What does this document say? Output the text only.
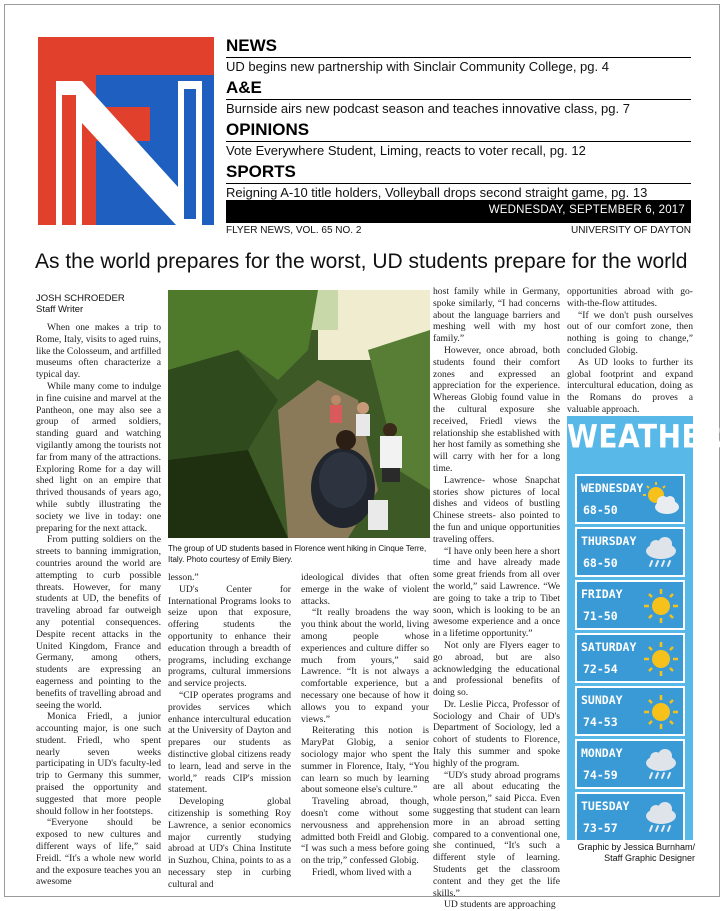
NEWS
UD begins new partnership with Sinclair Community College, pg. 4
A&E
Burnside airs new podcast season and teaches innovative class, pg. 7
OPINIONS
Vote Everywhere Student, Liming, reacts to voter recall, pg. 12
SPORTS
Reigning A-10 title holders, Volleyball drops second straight game, pg. 13
WEDNESDAY, SEPTEMBER 6, 2017
FLYER NEWS, VOL. 65 NO. 2	UNIVERSITY OF DAYTON
As the world prepares for the worst, UD students prepare for the world
JOSH SCHROEDER
Staff Writer

When one makes a trip to Rome, Italy, visits to aged ruins, like the Colosseum, and artfilled museums often characterize a typical day.

While many come to indulge in fine cuisine and marvel at the Pantheon, one may also see a group of armed soldiers, standing guard and watching vigilantly among the tourists not far from many of the attractions. Exploring Rome for a day will shed light on an empire that thrived thousands of years ago, while subtly illustrating the society we live in today: one preparing for the next attack.

From putting soldiers on the streets to banning immigration, countries around the world are attempting to curb possible threats. However, for many students at UD, the benefits of traveling abroad far outweigh any potential consequences. Despite recent attacks in the United Kingdom, France and Germany, among others, students are expressing an eagerness and pointing to the benefits of travelling abroad and seeing the world.

Monica Friedl, a junior accounting major, is one such student. Friedl, who spent nearly seven weeks participating in UD's faculty-led trip to Germany this summer, praised the opportunity and suggested that more people should follow in her footsteps.

“Everyone should be exposed to new cultures and different ways of life,” said Freidl. “It's a whole new world and the exposure teaches you an awesome

The group of UD students based in Florence went hiking in Cinque Terre, Italy. Photo courtesy of Emily Biery.

lesson.”

UD's Center for International Programs looks to seize upon that exposure, offering students the opportunity to enhance their education through a breadth of programs, including exchange programs, cultural immersions and service projects.

“CIP operates programs and provides services which enhance intercultural education at the University of Dayton and prepares our students as distinctive global citizens ready to learn, lead and serve in the world,” reads CIP's mission statement.

Developing global citizenship is something Roy Lawrence, a senior economics major currently studying abroad at UD's China Institute in Suzhou, China, points to as a necessary step in curbing cultural and

ideological divides that often emerge in the wake of violent attacks.

“It really broadens the way you think about the world, living among people whose experiences and culture differ so much from yours,” said Lawrence. “It is not always a comfortable experience, but a necessary one because of how it allows you to expand your views.”

Reiterating this notion is MaryPat Globig, a senior sociology major who spent the summer in Florence, Italy, “You can learn so much by learning about someone else's culture.”

Traveling abroad, though, doesn't come without some nervousness and apprehension admitted both Freidl and Globig. “I was such a mess before going on the trip,” confessed Globig.

Friedl, whom lived with a

host family while in Germany, spoke similarly, “I had concerns about the language barriers and meshing well with my host family.”

However, once abroad, both students found their comfort zones and expressed an appreciation for the experience. Whereas Globig found value in the cultural exposure she received, Friedl views the relationship she established with her host family as something she will carry with her for a long time.

Lawrence- whose Snapchat stories show pictures of local dishes and videos of bustling Chinese streets- also pointed to the fun and unique opportunities traveling offers.

“I have only been here a short time and have already made some great friends from all over the world,” said Lawrence. “We are going to take a trip to Tibet soon, which is looking to be an awesome experience and a once in a lifetime opportunity.”

Not only are Flyers eager to go abroad, but are also acknowledging the educational and professional benefits of doing so.

Dr. Leslie Picca, Professor of Sociology and Chair of UD's Department of Sociology, led a cohort of students to Florence, Italy this summer and spoke highly of the program.

“UD's study abroad programs are all about educating the whole person,” said Picca. Even suggesting that student can learn more in an abroad setting compared to a conventional one, she continued, “It's such a different style of learning. Students get the classroom content and they get the life skills.”

UD students are approaching

opportunities abroad with go-with-the-flow attitudes.

“If we don't push ourselves out of our comfort zone, then nothing is going to change,” concluded Globig.

As UD looks to further its global footprint and expand intercultural education, doing as the Romans do proves a valuable approach.

WEATHER
WEDNESDAY
68-50
THURSDAY
68-50
FRIDAY
71-50
SATURDAY
72-54
SUNDAY
74-53
MONDAY
74-59
TUESDAY
73-57
Graphic by Jessica Burnham/ Staff Graphic Designer
